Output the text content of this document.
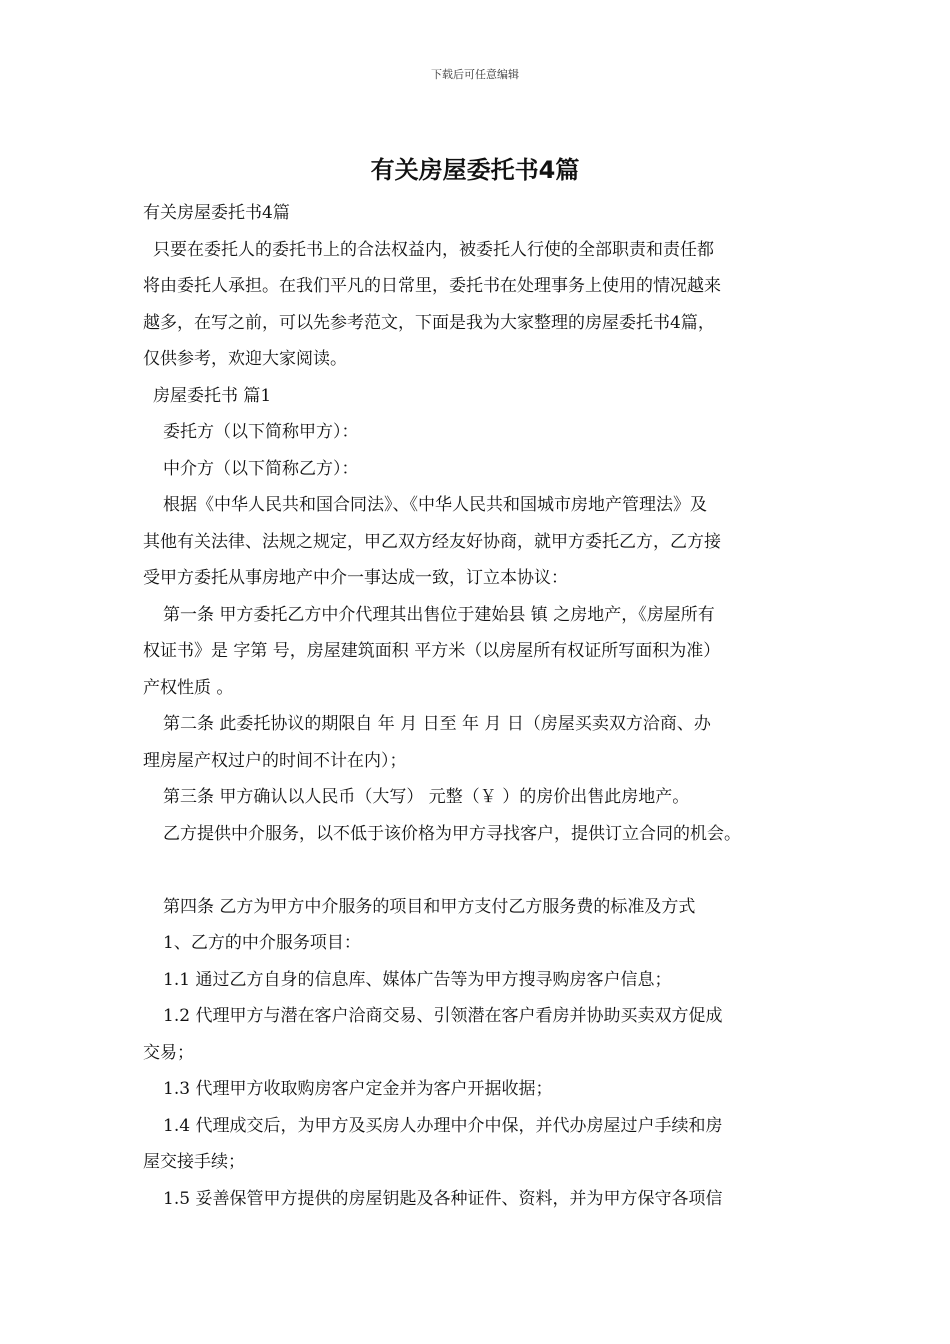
下载后可任意编辑
有关房屋委托书4篇

有关房屋委托书4篇

只要在委托人的委托书上的合法权益内，被委托人行使的全部职责和责任都

将由委托人承担。在我们平凡的日常里，委托书在处理事务上使用的情况越来

越多，在写之前，可以先参考范文，下面是我为大家整理的房屋委托书4篇，

仅供参考，欢迎大家阅读。

房屋委托书 篇1

委托方（以下简称甲方）：

中介方（以下简称乙方）：

根据《中华人民共和国合同法》、《中华人民共和国城市房地产管理法》及

其他有关法律、法规之规定，甲乙双方经友好协商，就甲方委托乙方，乙方接

受甲方委托从事房地产中介一事达成一致，订立本协议：

第一条 甲方委托乙方中介代理其出售位于建始县 镇 之房地产，《房屋所有

权证书》是 字第 号，房屋建筑面积 平方米（以房屋所有权证所写面积为准）

产权性质 。

第二条 此委托协议的期限自 年 月 日至 年 月 日（房屋买卖双方洽商、办

理房屋产权过户的时间不计在内）；

第三条 甲方确认以人民币（大写） 元整（￥ ）的房价出售此房地产。

乙方提供中介服务，以不低于该价格为甲方寻找客户，提供订立合同的机会。

第四条 乙方为甲方中介服务的项目和甲方支付乙方服务费的标准及方式

1、乙方的中介服务项目：

1.1 通过乙方自身的信息库、媒体广告等为甲方搜寻购房客户信息；

1.2 代理甲方与潜在客户洽商交易、引领潜在客户看房并协助买卖双方促成

交易；

1.3 代理甲方收取购房客户定金并为客户开据收据；

1.4 代理成交后，为甲方及买房人办理中介中保，并代办房屋过户手续和房

屋交接手续；

1.5 妥善保管甲方提供的房屋钥匙及各种证件、资料，并为甲方保守各项信
